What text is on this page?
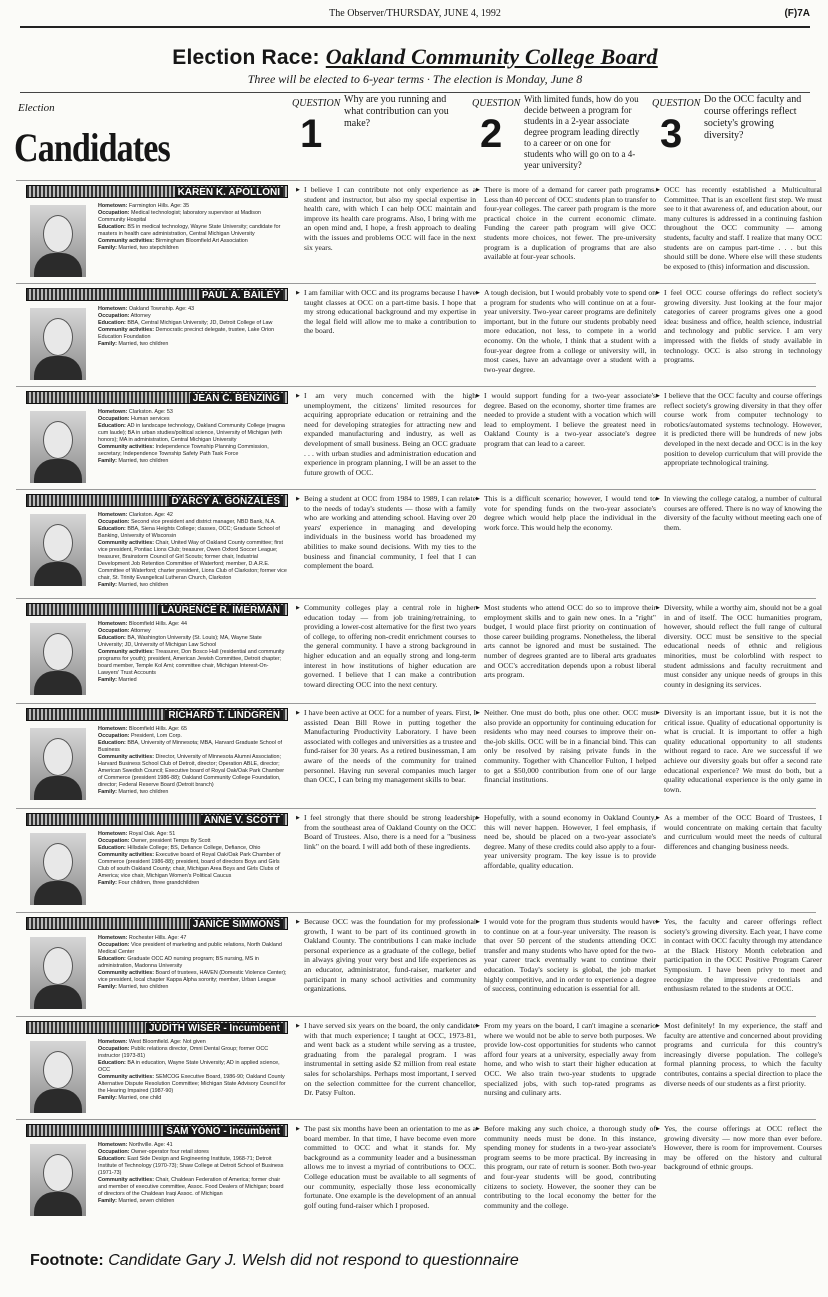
The Observer/THURSDAY, JUNE 4, 1992	(F)7A
Election Race: Oakland Community College Board
Three will be elected to 6-year terms · The election is Monday, June 8
Election
Candidates
QUESTION
1
Why are you running and what contribution can you make?
QUESTION
2
With limited funds, how do you decide between a program for students in a 2-year associate degree program leading directly to a career or on one for students who will go on to a 4-year university?
QUESTION
3
Do the OCC faculty and course offerings reflect society's growing diversity?
KAREN K. APOLLONI

Hometown: Farmington Hills. Age: 35

Occupation: Medical technologist; laboratory supervisor at Madison Community Hospital

Education: BS in medical technology, Wayne State University; candidate for masters in health care administration, Central Michigan University

Community activities: Birmingham Bloomfield Art Association

Family: Married, two stepchildren

▶ I believe I can contribute not only experience as a student and instructor, but also my special expertise in health care, with which I can help OCC maintain and improve its health care programs. Also, I bring with me an open mind and, I hope, a fresh approach to dealing with the issues and problems OCC will face in the next six years.
▶ There is more of a demand for career path programs. Less than 40 percent of OCC students plan to transfer to four-year colleges. The career path program is the more practical choice in the current economic climate. Funding the career path program will give OCC students more choices, not fewer. The pre-university program is a duplication of programs that are also available at four-year schools.
▶ OCC has recently established a Multicultural Committee. That is an excellent first step. We must see to it that awareness of, and education about, our many cultures is addressed in a continuing fashion throughout the OCC community — among students, faculty and staff. I realize that many OCC students are on campus part-time . . . but this should still be done. Where else will these students be exposed to (this) information and discussion.
PAUL A. BAILEY

Hometown: Oakland Township. Age: 43

Occupation: Attorney

Education: BBA, Central Michigan University; JD, Detroit College of Law

Community activities: Democratic precinct delegate, trustee, Lake Orion Education Foundation

Family: Married, two children

▶ I am familiar with OCC and its programs because I have taught classes at OCC on a part-time basis. I hope that my strong educational background and my expertise in the legal field will allow me to make a contribution to the board.
▶ A tough decision, but I would probably vote to spend on a program for students who will continue on at a four-year university. Two-year career programs are definitely important, but in the future our students probably need more education, not less, to compete in a world economy. On the whole, I think that a student with a four-year degree from a college or university will, in most cases, have an advantage over a student with a two-year degree.
▶ I feel OCC course offerings do reflect society's growing diversity. Just looking at the four major categories of career programs gives one a good idea: business and office, health science, industrial and technology and public service. I am very impressed with the fields of study available in technology. OCC is also strong in technology programs.
JEAN C. BENZING

Hometown: Clarkston. Age: 53

Occupation: Human services

Education: AD in landscape technology, Oakland Community College (magna cum laude); BA in urban studies/political science, University of Michigan (with honors); MA in administration, Central Michigan University

Community activities: Independence Township Planning Commission, secretary; Independence Township Safety Path Task Force

Family: Married, two children

▶ I am very much concerned with the high unemployment, the citizens' limited resources for acquiring appropriate education or retraining and the need for developing strategies for attracting new and expanded manufacturing and industry, as well as development of small business. Being an OCC graduate . . . with urban studies and administration education and experience in program planning, I will be an asset to the future growth of OCC.
▶ I would support funding for a two-year associate's degree. Based on the economy, shorter time frames are needed to provide a student with a vocation which will lead to employment. I believe the greatest need in Oakland County is a two-year associate's degree program that can lead to a career.
▶ I believe that the OCC faculty and course offerings reflect society's growing diversity in that they offer course work from computer technology to robotics/automated systems technology. However, it is predicted there will be hundreds of new jobs developed in the next decade and OCC is in the key position to develop curriculum that will provide the appropriate technological training.
D'ARCY A. GONZALES

Hometown: Clarkston. Age: 42

Occupation: Second vice president and district manager, NBD Bank, N.A.

Education: BBA, Siena Heights College; classes, OCC; Graduate School of Banking, University of Wisconsin

Community activities: Chair, United Way of Oakland County committee; first vice president, Pontiac Lions Club; treasurer, Owen Oxford Soccer League; treasurer, Brainstorm Council of Girl Scouts; former chair, Industrial Development Job Retention Committee of Waterford; member, D.A.R.E. Committee of Waterford; charter president, Lions Club of Clarkston; former vice chair, St. Trinity Evangelical Lutheran Church, Clarkston

Family: Married, two children

▶ Being a student at OCC from 1984 to 1989, I can relate to the needs of today's students — those with a family who are working and attending school. Having over 20 years' experience in managing and developing individuals in the business world has broadened my abilities to make sound decisions. With my ties to the business and financial community, I feel that I can complement the board.
▶ This is a difficult scenario; however, I would tend to vote for spending funds on the two-year associate's degree which would help place the individual in the work force. This would help the economy.
▶ In viewing the college catalog, a number of cultural courses are offered. There is no way of knowing the diversity of the faculty without meeting each one of them.
LAURENCE R. IMERMAN

Hometown: Bloomfield Hills. Age: 44

Occupation: Attorney

Education: BA, Washington University (St. Louis); MA, Wayne State University; JD, University of Michigan Law School

Community activities: Treasurer, Don Bosco Hall (residential and community programs for youth); president, American Jewish Committee, Detroit chapter; board member, Temple Kol Ami; committee chair, Michigan Interest-On-Lawyers' Trust Accounts

Family: Married

▶ Community colleges play a central role in higher education today — from job training/retraining, to providing a lower-cost alternative for the first two years of college, to offering non-credit enrichment courses to the general community. I have a strong background in higher education and an equally strong and long-term interest in how institutions of higher education are governed. I believe that I can make a contribution toward directing OCC into the next century.
▶ Most students who attend OCC do so to improve their employment skills and to gain new ones. In a "right" budget, I would place first priority on continuation of those career building programs. Nonetheless, the liberal arts cannot be ignored and must be sustained. The number of degrees granted are to liberal arts graduates and OCC's accreditation depends upon a robust liberal arts program.
▶ Diversity, while a worthy aim, should not be a goal in and of itself. The OCC humanities program, however, should reflect the full range of cultural diversity. OCC must be sensitive to the special educational needs of ethnic and religious minorities, must be colorblind with respect to student admissions and faculty recruitment and must consider any unique needs of groups in this county in designing its services.
RICHARD T. LINDGREN

Hometown: Bloomfield Hills. Age: 65

Occupation: President, Lom Corp.

Education: BBA, University of Minnesota; MBA, Harvard Graduate School of Business

Community activities: Director, University of Minnesota Alumni Association; Harvard Business School Club of Detroit, director; Operation ABLE, director; American Swedish Council; Executive board of Royal Oak/Oak Park Chamber of Commerce (president 1986-88); Oakland Community College Foundation, director; Federal Reserve Board (Detroit branch)

Family: Married, two children

▶ I have been active at OCC for a number of years. First, I assisted Dean Bill Rowe in putting together the Manufacturing Productivity Laboratory. I have been associated with colleges and universities as a trustee and fund-raiser for 30 years. As a retired businessman, I am aware of the needs of the community for trained personnel. Having run several companies much larger than OCC, I can bring my management skills to bear.
▶ Neither. One must do both, plus one other. OCC must also provide an opportunity for continuing education for residents who may need courses to improve their on-the-job skills. OCC will be in a financial bind. This can only be resolved by raising private funds in the community. Together with Chancellor Fulton, I helped to get a $50,000 contribution from one of our large financial institutions.
▶ Diversity is an important issue, but it is not the critical issue. Quality of educational opportunity is what is crucial. It is important to offer a high quality educational opportunity to all students without regard to race. Are we successful if we achieve our diversity goals but offer a second rate educational experience? We must do both, but a quality educational experience is the only game in town.
ANNE V. SCOTT

Hometown: Royal Oak. Age: 51

Occupation: Owner, president Temps By Scott

Education: Hillsdale College; BS, Defiance College, Defiance, Ohio

Community activities: Executive board of Royal Oak/Oak Park Chamber of Commerce (president 1986-88); president, board of directors Boys and Girls Club of south Oakland County; chair, Michigan Area Boys and Girls Clubs of America; vice chair, Michigan Women's Political Caucus

Family: Four children, three grandchildren

▶ I feel strongly that there should be strong leadership from the southeast area of Oakland County on the OCC Board of Trustees. Also, there is a need for a "business link" on the board. I will add both of these ingredients.
▶ Hopefully, with a sound economy in Oakland County, this will never happen. However, I feel emphasis, if need be, should be placed on a two-year associate's degree. Many of these credits could also apply to a four-year university program. The key issue is to provide affordable, quality education.
▶ As a member of the OCC Board of Trustees, I would concentrate on making certain that faculty and curriculum would meet the needs of cultural differences and changing business needs.
JANICE SIMMONS

Hometown: Rochester Hills. Age: 47

Occupation: Vice president of marketing and public relations, North Oakland Medical Center

Education: Graduate OCC AD nursing program; BS nursing, MS in administration, Madonna University

Community activities: Board of trustees, HAVEN (Domestic Violence Center); vice president, local chapter Kappa Alpha sorority; member, Urban League

Family: Married, two children

▶ Because OCC was the foundation for my professional growth, I want to be part of its continued growth in Oakland County. The contributions I can make include personal experience as a graduate of the college, belief in always giving your very best and life experiences as an educator, administrator, fund-raiser, marketer and participant in many school activities and community organizations.
▶ I would vote for the program thus students would have to continue on at a four-year university. The reason is that over 50 percent of the students attending OCC transfer and many students who have opted for the two-year career track eventually want to continue their education. Today's society is global, the job market highly competitive, and in order to experience a degree of success, continuing education is essential for all.
▶ Yes, the faculty and career offerings reflect society's growing diversity. Each year, I have come in contact with OCC faculty through my attendance at the Black History Month celebration and participation in the OCC Positive Program Career Symposium. I have been privy to meet and recognize the impressive credentials and enthusiasm related to the students at OCC.
JUDITH WISER - Incumbent

Hometown: West Bloomfield. Age: Not given

Occupation: Public relations director, Omni Dental Group; former OCC instructor (1973-81)

Education: BA in education, Wayne State University; AD in applied science, OCC

Community activities: SEMCOG Executive Board, 1986-90; Oakland County Alternative Dispute Resolution Committee; Michigan State Advisory Council for the Hearing Impaired (1987-90)

Family: Married, one child

▶ I have served six years on the board, the only candidate with that much experience; I taught at OCC, 1973-81, and went back as a student while serving as a trustee, graduating from the paralegal program. I was instrumental in setting aside $2 million from real estate sales for scholarships. Perhaps most important, I served on the selection committee for the current chancellor, Dr. Patsy Fulton.
▶ From my years on the board, I can't imagine a scenario where we would not be able to serve both purposes. We provide low-cost opportunities for students who cannot afford four years at a university, especially away from home, and who wish to start their higher education at OCC. We also train two-year students to upgrade specialized jobs, with such top-rated programs as nursing and culinary arts.
▶ Most definitely! In my experience, the staff and faculty are attentive and concerned about providing programs and curricula for this country's increasingly diverse population. The college's formal planning process, to which the faculty contributes, contains a special direction to place the diverse needs of our students as a first priority.
SAM YONO - Incumbent

Hometown: Northville. Age: 41

Occupation: Owner-operator four retail stores

Education: East Side Design and Engineering Institute, 1968-71; Detroit Institute of Technology (1970-73); Shaw College at Detroit School of Business (1971-73)

Community activities: Chair, Chaldean Federation of America; former chair and member of executive committee, Assoc. Food Dealers of Michigan; board of directors of the Chaldean Iraqi Assoc. of Michigan

Family: Married, seven children

▶ The past six months have been an orientation to me as a board member. In that time, I have become even more committed to OCC and what it stands for. My background as a community leader and a businessman allows me to invest a myriad of contributions to OCC. College education must be available to all segments of our community, especially those less economically fortunate. One example is the development of an annual golf outing fund-raiser which I proposed.
▶ Before making any such choice, a thorough study of community needs must be done. In this instance, spending money for students in a two-year associate's program seems to be more practical. By increasing in this program, our rate of return is sooner. Both two-year and four-year students will be good, contributing citizens to society. However, the sooner they can be contributing to the local economy the better for the community and the college.
▶ Yes, the course offerings at OCC reflect the growing diversity — now more than ever before. However, there is room for improvement. Courses may be offered on the history and cultural background of ethnic groups.
Footnote: Candidate Gary J. Welsh did not respond to questionnaire
